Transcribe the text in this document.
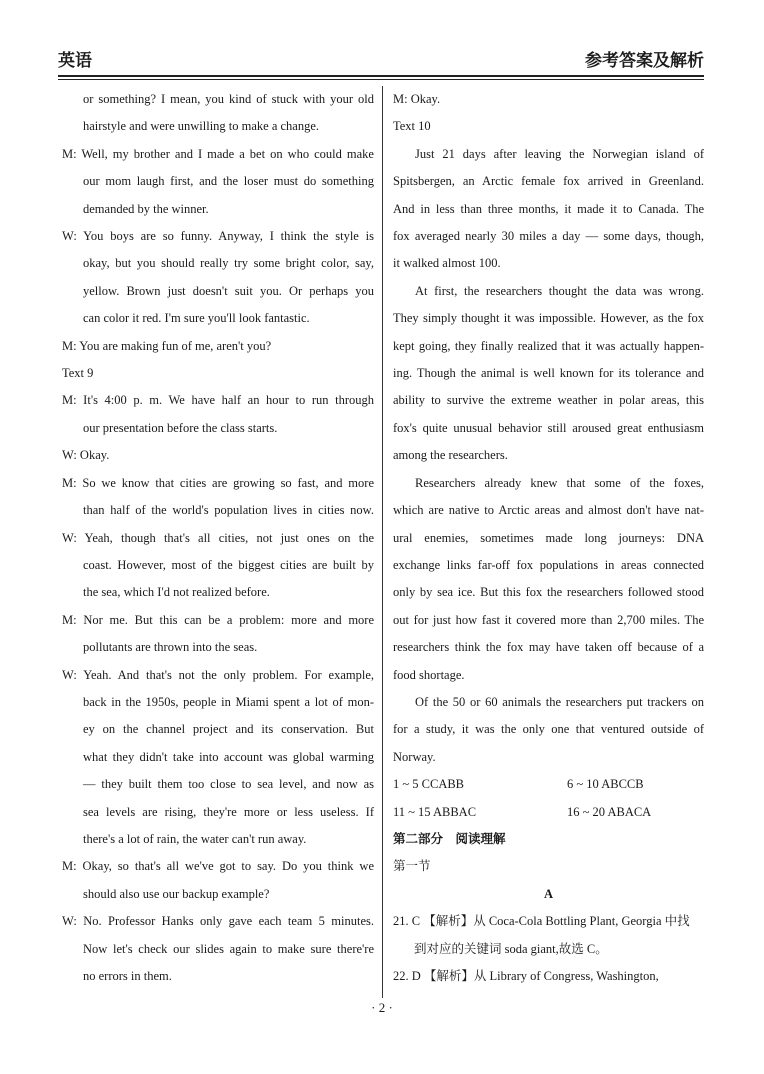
英语	参考答案及解析
or something? I mean, you kind of stuck with your old
hairstyle and were unwilling to make a change.
M: Well, my brother and I made a bet on who could make
our mom laugh first, and the loser must do something
demanded by the winner.
W: You boys are so funny. Anyway, I think the style is
okay, but you should really try some bright color, say,
yellow. Brown just doesn't suit you. Or perhaps you
can color it red. I'm sure you'll look fantastic.
M: You are making fun of me, aren't you?
Text 9
M: It's 4:00 p. m. We have half an hour to run through
our presentation before the class starts.
W: Okay.
M: So we know that cities are growing so fast, and more
than half of the world's population lives in cities now.
W: Yeah, though that's all cities, not just ones on the
coast. However, most of the biggest cities are built by
the sea, which I'd not realized before.
M: Nor me. But this can be a problem: more and more
pollutants are thrown into the seas.
W: Yeah. And that's not the only problem. For example,
back in the 1950s, people in Miami spent a lot of mon-
ey on the channel project and its conservation. But
what they didn't take into account was global warming
— they built them too close to sea level, and now as
sea levels are rising, they're more or less useless. If
there's a lot of rain, the water can't run away.
M: Okay, so that's all we've got to say. Do you think we
should also use our backup example?
W: No. Professor Hanks only gave each team 5 minutes.
Now let's check our slides again to make sure there're
no errors in them.
M: Okay.
Text 10
Just 21 days after leaving the Norwegian island of
Spitsbergen, an Arctic female fox arrived in Greenland.
And in less than three months, it made it to Canada. The
fox averaged nearly 30 miles a day — some days, though,
it walked almost 100.
At first, the researchers thought the data was wrong.
They simply thought it was impossible. However, as the fox
kept going, they finally realized that it was actually happen-
ing. Though the animal is well known for its tolerance and
ability to survive the extreme weather in polar areas, this
fox's quite unusual behavior still aroused great enthusiasm
among the researchers.
Researchers already knew that some of the foxes,
which are native to Arctic areas and almost don't have nat-
ural enemies, sometimes made long journeys: DNA
exchange links far-off fox populations in areas connected
only by sea ice. But this fox the researchers followed stood
out for just how fast it covered more than 2,700 miles. The
researchers think the fox may have taken off because of a
food shortage.
Of the 50 or 60 animals the researchers put trackers on
for a study, it was the only one that ventured outside of
Norway.
1 ~ 5 CCABB	6 ~ 10 ABCCB
11 ~ 15 ABBAC	16 ~ 20 ABACA
第二部分　阅读理解
第一节
A
21. C 【解析】从 Coca-Cola Bottling Plant, Georgia 中找
到对应的关键词 soda giant,故选 C。
22. D 【解析】从 Library of Congress, Washington,
· 2 ·
